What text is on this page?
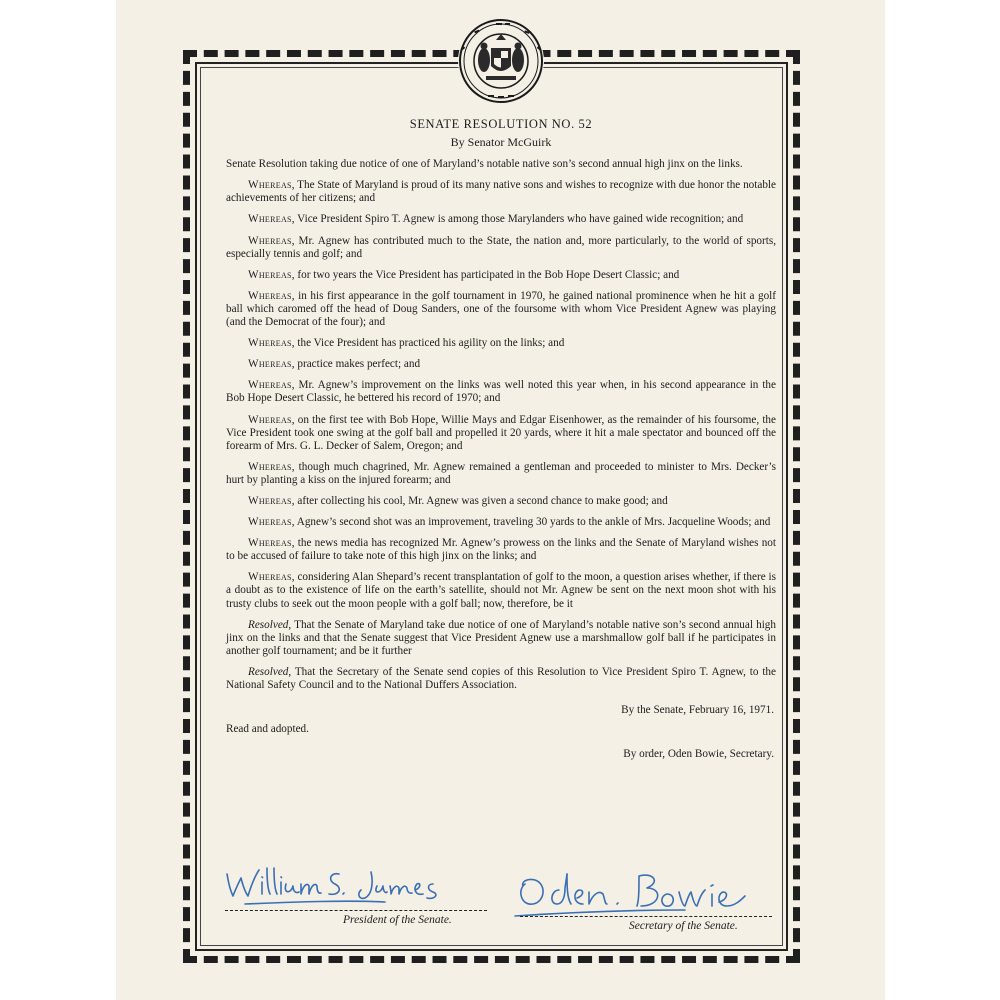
SENATE RESOLUTION NO. 52
By Senator McGuirk
Senate Resolution taking due notice of one of Maryland’s notable native son’s second annual high jinx on the links.
Whereas, The State of Maryland is proud of its many native sons and wishes to recognize with due honor the notable achievements of her citizens; and
Whereas, Vice President Spiro T. Agnew is among those Marylanders who have gained wide recognition; and
Whereas, Mr. Agnew has contributed much to the State, the nation and, more particularly, to the world of sports, especially tennis and golf; and
Whereas, for two years the Vice President has participated in the Bob Hope Desert Classic; and
Whereas, in his first appearance in the golf tournament in 1970, he gained national prominence when he hit a golf ball which caromed off the head of Doug Sanders, one of the foursome with whom Vice President Agnew was playing (and the Democrat of the four); and
Whereas, the Vice President has practiced his agility on the links; and
Whereas, practice makes perfect; and
Whereas, Mr. Agnew’s improvement on the links was well noted this year when, in his second appearance in the Bob Hope Desert Classic, he bettered his record of 1970; and
Whereas, on the first tee with Bob Hope, Willie Mays and Edgar Eisenhower, as the remainder of his foursome, the Vice President took one swing at the golf ball and propelled it 20 yards, where it hit a male spectator and bounced off the forearm of Mrs. G. L. Decker of Salem, Oregon; and
Whereas, though much chagrined, Mr. Agnew remained a gentleman and proceeded to minister to Mrs. Decker’s hurt by planting a kiss on the injured forearm; and
Whereas, after collecting his cool, Mr. Agnew was given a second chance to make good; and
Whereas, Agnew’s second shot was an improvement, traveling 30 yards to the ankle of Mrs. Jacqueline Woods; and
Whereas, the news media has recognized Mr. Agnew’s prowess on the links and the Senate of Maryland wishes not to be accused of failure to take note of this high jinx on the links; and
Whereas, considering Alan Shepard’s recent transplantation of golf to the moon, a question arises whether, if there is a doubt as to the existence of life on the earth’s satellite, should not Mr. Agnew be sent on the next moon shot with his trusty clubs to seek out the moon people with a golf ball; now, therefore, be it
Resolved, That the Senate of Maryland take due notice of one of Maryland’s notable native son’s second annual high jinx on the links and that the Senate suggest that Vice President Agnew use a marshmallow golf ball if he participates in another golf tournament; and be it further
Resolved, That the Secretary of the Senate send copies of this Resolution to Vice President Spiro T. Agnew, to the National Safety Council and to the National Duffers Association.
By the Senate, February 16, 1971.
Read and adopted.
By order, Oden Bowie, Secretary.
President of the Senate.	Secretary of the Senate.
